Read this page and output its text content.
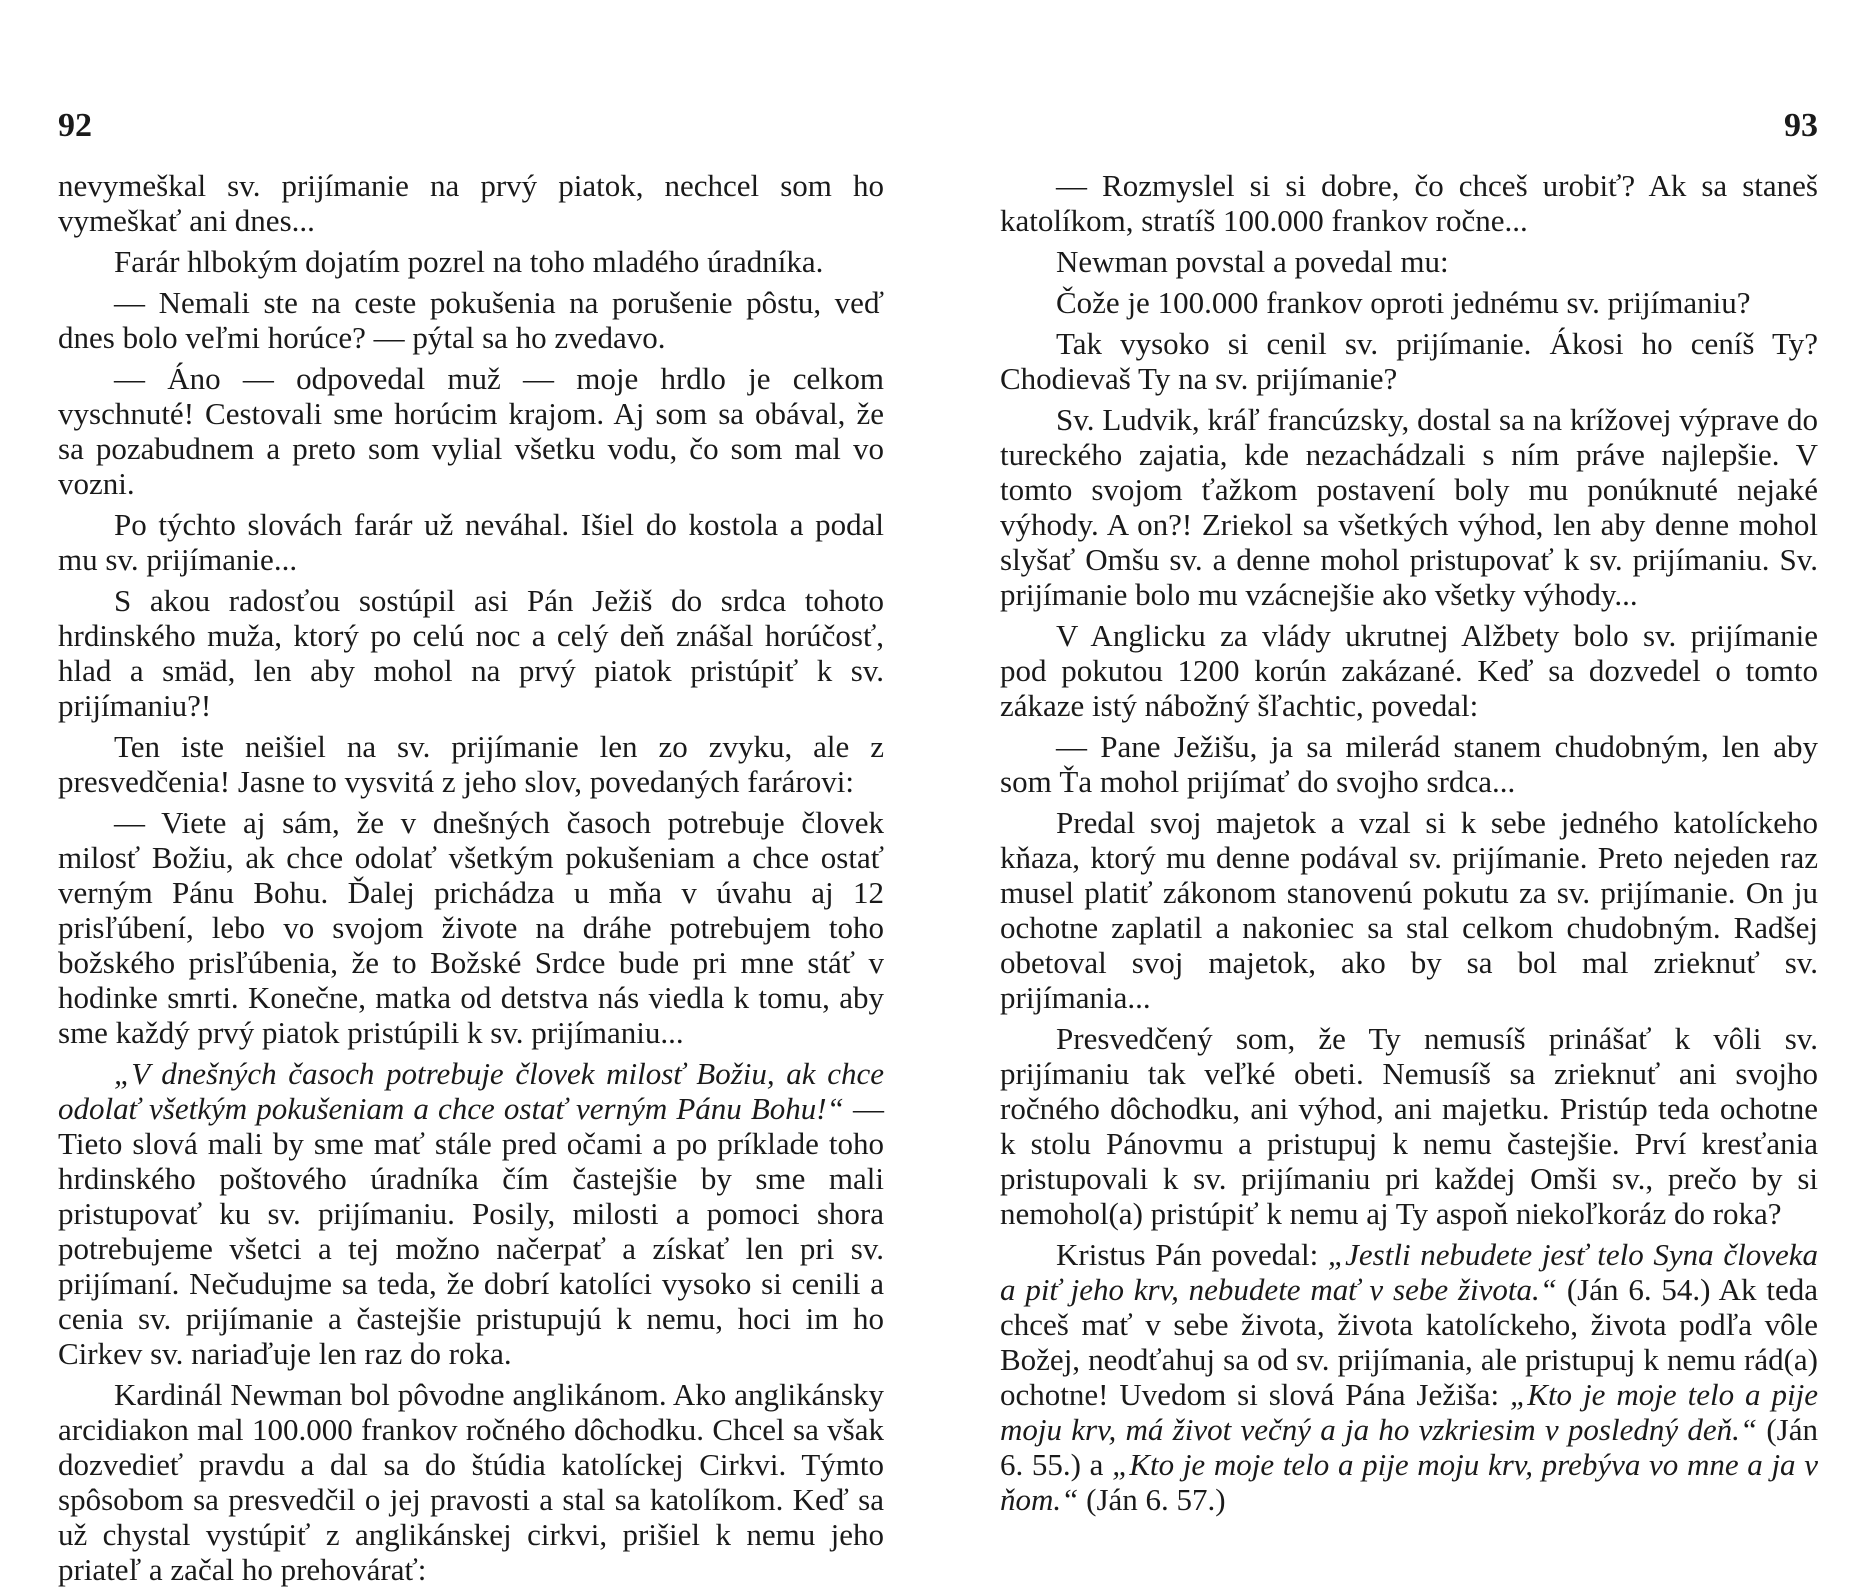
92

nevymeškal sv. prijímanie na prvý piatok, nechcel som ho vymeškať ani dnes...

Farár hlbokým dojatím pozrel na toho mladého úradníka.

— Nemali ste na ceste pokušenia na porušenie pôstu, veď dnes bolo veľmi horúce? — pýtal sa ho zvedavo.

— Áno — odpovedal muž — moje hrdlo je celkom vyschnuté! Cestovali sme horúcim krajom. Aj som sa obával, že sa pozabudnem a preto som vylial všetku vodu, čo som mal vo vozni.

Po týchto slovách farár už neváhal. Išiel do kostola a podal mu sv. prijímanie...

S akou radosťou sostúpil asi Pán Ježiš do srdca tohoto hrdinského muža, ktorý po celú noc a celý deň znášal horúčosť, hlad a smäd, len aby mohol na prvý piatok pristúpiť k sv. prijímaniu?!

Ten iste neišiel na sv. prijímanie len zo zvyku, ale z presvedčenia! Jasne to vysvitá z jeho slov, povedaných farárovi:

— Viete aj sám, že v dnešných časoch potrebuje človek milosť Božiu, ak chce odolať všetkým pokušeniam a chce ostať verným Pánu Bohu. Ďalej prichádza u mňa v úvahu aj 12 prisľúbení, lebo vo svojom živote na dráhe potrebujem toho božského prisľúbenia, že to Božské Srdce bude pri mne stáť v hodinke smrti. Konečne, matka od detstva nás viedla k tomu, aby sme každý prvý piatok pristúpili k sv. prijímaniu...

„V dnešných časoch potrebuje človek milosť Božiu, ak chce odolať všetkým pokušeniam a chce ostať verným Pánu Bohu!“ — Tieto slová mali by sme mať stále pred očami a po príklade toho hrdinského poštového úradníka čím častejšie by sme mali pristupovať ku sv. prijímaniu. Posily, milosti a pomoci shora potrebujeme všetci a tej možno načerpať a získať len pri sv. prijímaní. Nečudujme sa teda, že dobrí katolíci vysoko si cenili a cenia sv. prijímanie a častejšie pristupujú k nemu, hoci im ho Cirkev sv. nariaďuje len raz do roka.

Kardinál Newman bol pôvodne anglikánom. Ako anglikánsky arcidiakon mal 100.000 frankov ročného dôchodku. Chcel sa však dozvedieť pravdu a dal sa do štúdia katolíckej Cirkvi. Týmto spôsobom sa presvedčil o jej pravosti a stal sa katolíkom. Keď sa už chystal vystúpiť z anglikánskej cirkvi, prišiel k nemu jeho priateľ a začal ho prehovárať:

93

— Rozmyslel si si dobre, čo chceš urobiť? Ak sa staneš katolíkom, stratíš 100.000 frankov ročne...

Newman povstal a povedal mu:

Čože je 100.000 frankov oproti jednému sv. prijímaniu?

Tak vysoko si cenil sv. prijímanie. Ákosi ho ceníš Ty? Chodievaš Ty na sv. prijímanie?

Sv. Ludvik, kráľ francúzsky, dostal sa na krížovej výprave do tureckého zajatia, kde nezachádzali s ním práve najlepšie. V tomto svojom ťažkom postavení boly mu ponúknuté nejaké výhody. A on?! Zriekol sa všetkých výhod, len aby denne mohol slyšať Omšu sv. a denne mohol pristupovať k sv. prijímaniu. Sv. prijímanie bolo mu vzácnejšie ako všetky výhody...

V Anglicku za vlády ukrutnej Alžbety bolo sv. prijímanie pod pokutou 1200 korún zakázané. Keď sa dozvedel o tomto zákaze istý nábožný šľachtic, povedal:

— Pane Ježišu, ja sa milerád stanem chudobným, len aby som Ťa mohol prijímať do svojho srdca...

Predal svoj majetok a vzal si k sebe jedného katolíckeho kňaza, ktorý mu denne podával sv. prijímanie. Preto nejeden raz musel platiť zákonom stanovenú pokutu za sv. prijímanie. On ju ochotne zaplatil a nakoniec sa stal celkom chudobným. Radšej obetoval svoj majetok, ako by sa bol mal zrieknuť sv. prijímania...

Presvedčený som, že Ty nemusíš prinášať k vôli sv. prijímaniu tak veľké obeti. Nemusíš sa zrieknuť ani svojho ročného dôchodku, ani výhod, ani majetku. Pristúp teda ochotne k stolu Pánovmu a pristupuj k nemu častejšie. Prví kresťania pristupovali k sv. prijímaniu pri každej Omši sv., prečo by si nemohol(a) pristúpiť k nemu aj Ty aspoň niekoľkoráz do roka?

Kristus Pán povedal: „Jestli nebudete jesť telo Syna človeka a piť jeho krv, nebudete mať v sebe života.“ (Ján 6. 54.) Ak teda chceš mať v sebe života, života katolíckeho, života podľa vôle Božej, neodťahuj sa od sv. prijímania, ale pristupuj k nemu rád(a) ochotne! Uvedom si slová Pána Ježiša: „Kto je moje telo a pije moju krv, má život večný a ja ho vzkriesim v posledný deň.“ (Ján 6. 55.) a „Kto je moje telo a pije moju krv, prebýva vo mne a ja v ňom.“ (Ján 6. 57.)
